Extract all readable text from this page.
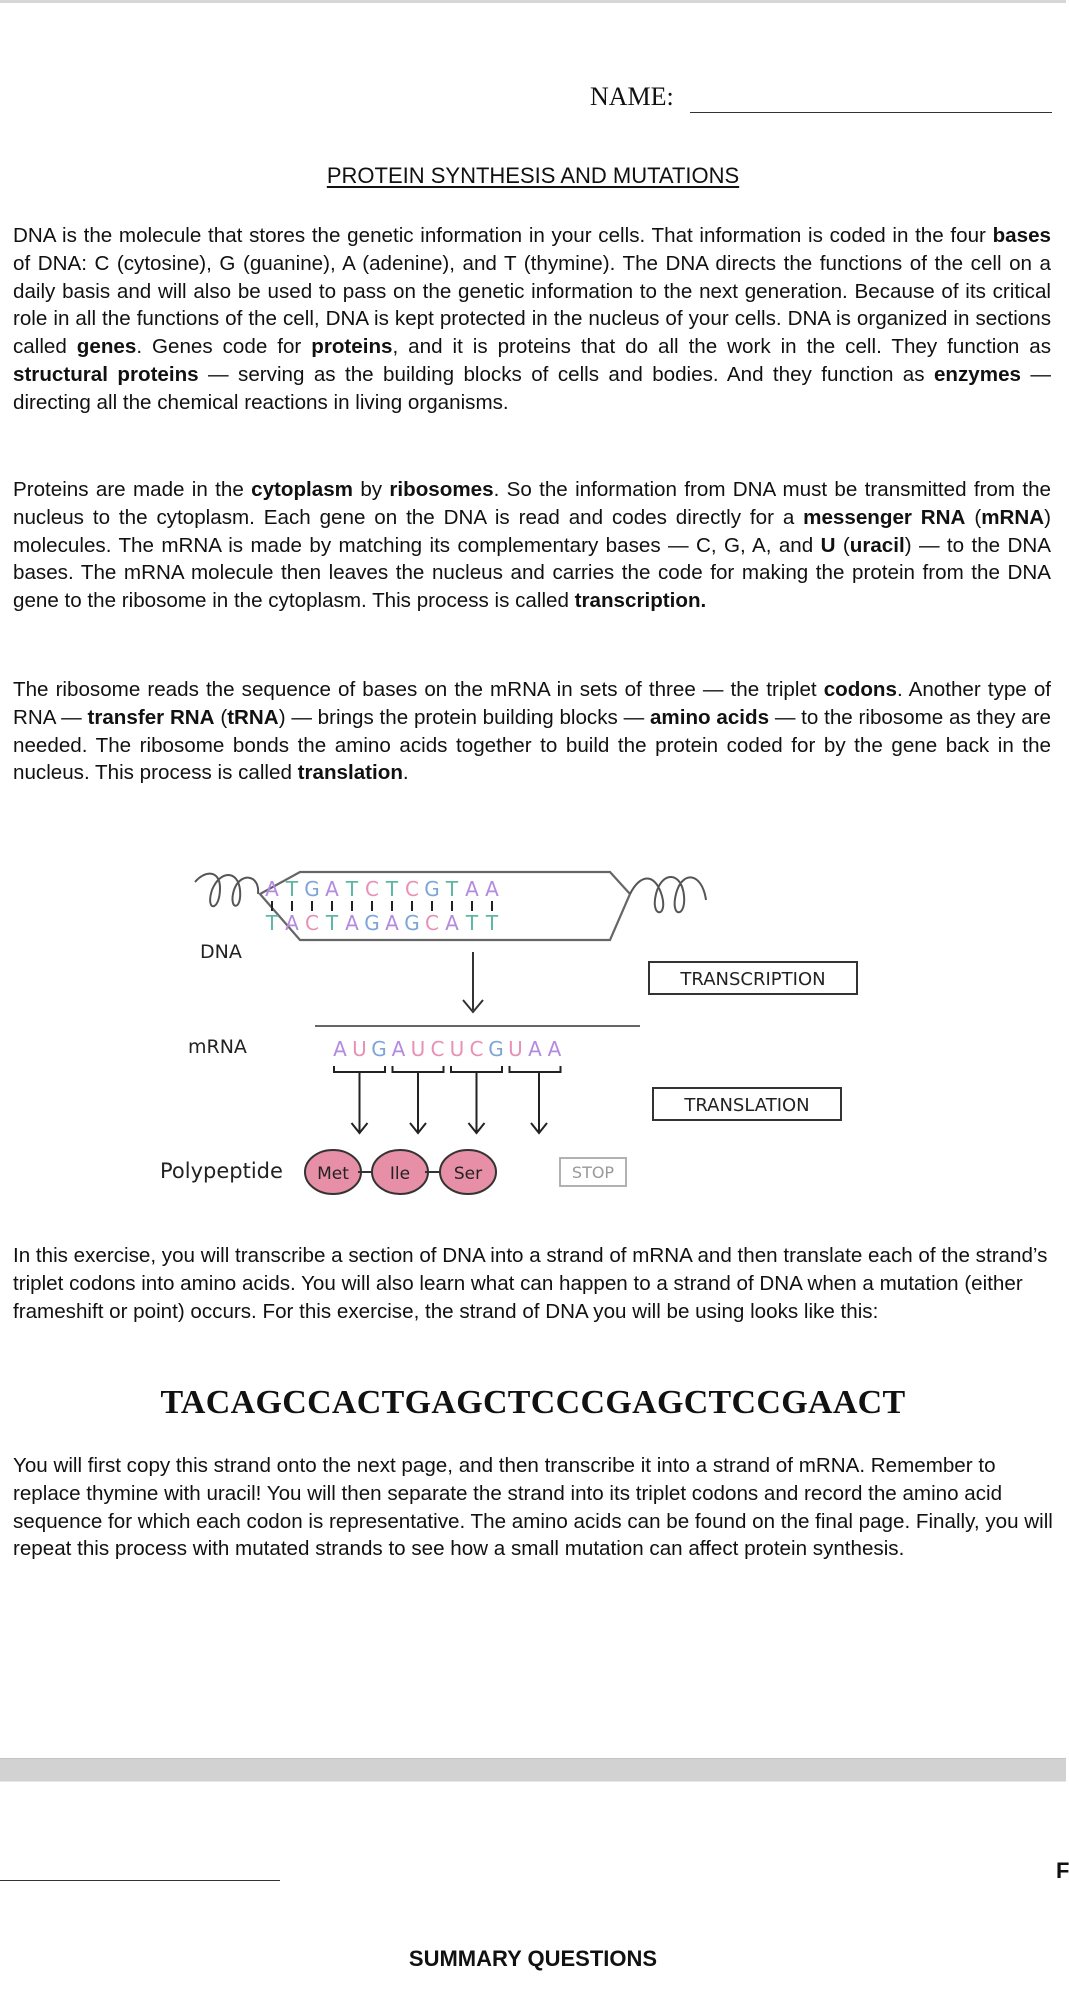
NAME:
PROTEIN SYNTHESIS AND MUTATIONS

DNA is the molecule that stores the genetic information in your cells. That information is coded in the four bases of DNA: C (cytosine), G (guanine), A (adenine), and T (thymine). The DNA directs the functions of the cell on a daily basis and will also be used to pass on the genetic information to the next generation. Because of its critical role in all the functions of the cell, DNA is kept protected in the nucleus of your cells. DNA is organized in sections called genes. Genes code for proteins, and it is proteins that do all the work in the cell. They function as structural proteins — serving as the building blocks of cells and bodies. And they function as enzymes — directing all the chemical reactions in living organisms.

Proteins are made in the cytoplasm by ribosomes. So the information from DNA must be transmitted from the nucleus to the cytoplasm. Each gene on the DNA is read and codes directly for a messenger RNA (mRNA) molecules. The mRNA is made by matching its complementary bases — C, G, A, and U (uracil) — to the DNA bases. The mRNA molecule then leaves the nucleus and carries the code for making the protein from the DNA gene to the ribosome in the cytoplasm. This process is called transcription.

The ribosome reads the sequence of bases on the mRNA in sets of three — the triplet codons. Another type of RNA — transfer RNA (tRNA) — brings the protein building blocks — amino acids — to the ribosome as they are needed. The ribosome bonds the amino acids together to build the protein coded for by the gene back in the nucleus. This process is called translation.

A
T
T
A
G
C
A
T
T
A
C
G
T
A
C
G
G
C
T
A
A
T
A
T
DNA
TRANSCRIPTION
mRNA	A U G A U C U C G U A A
TRANSLATION
Polypeptide Met Ile	Ser	STOP

In this exercise, you will transcribe a section of DNA into a strand of mRNA and then translate each of the strand’s triplet codons into amino acids. You will also learn what can happen to a strand of DNA when a mutation (either frameshift or point) occurs. For this exercise, the strand of DNA you will be using looks like this:

TACAGCCACTGAGCTCCCGAGCTCCGAACT

You will first copy this strand onto the next page, and then transcribe it into a strand of mRNA. Remember to replace thymine with uracil! You will then separate the strand into its triplet codons and record the amino acid sequence for which each codon is representative. The amino acids can be found on the final page. Finally, you will repeat this process with mutated strands to see how a small mutation can affect protein synthesis.

F
SUMMARY QUESTIONS
